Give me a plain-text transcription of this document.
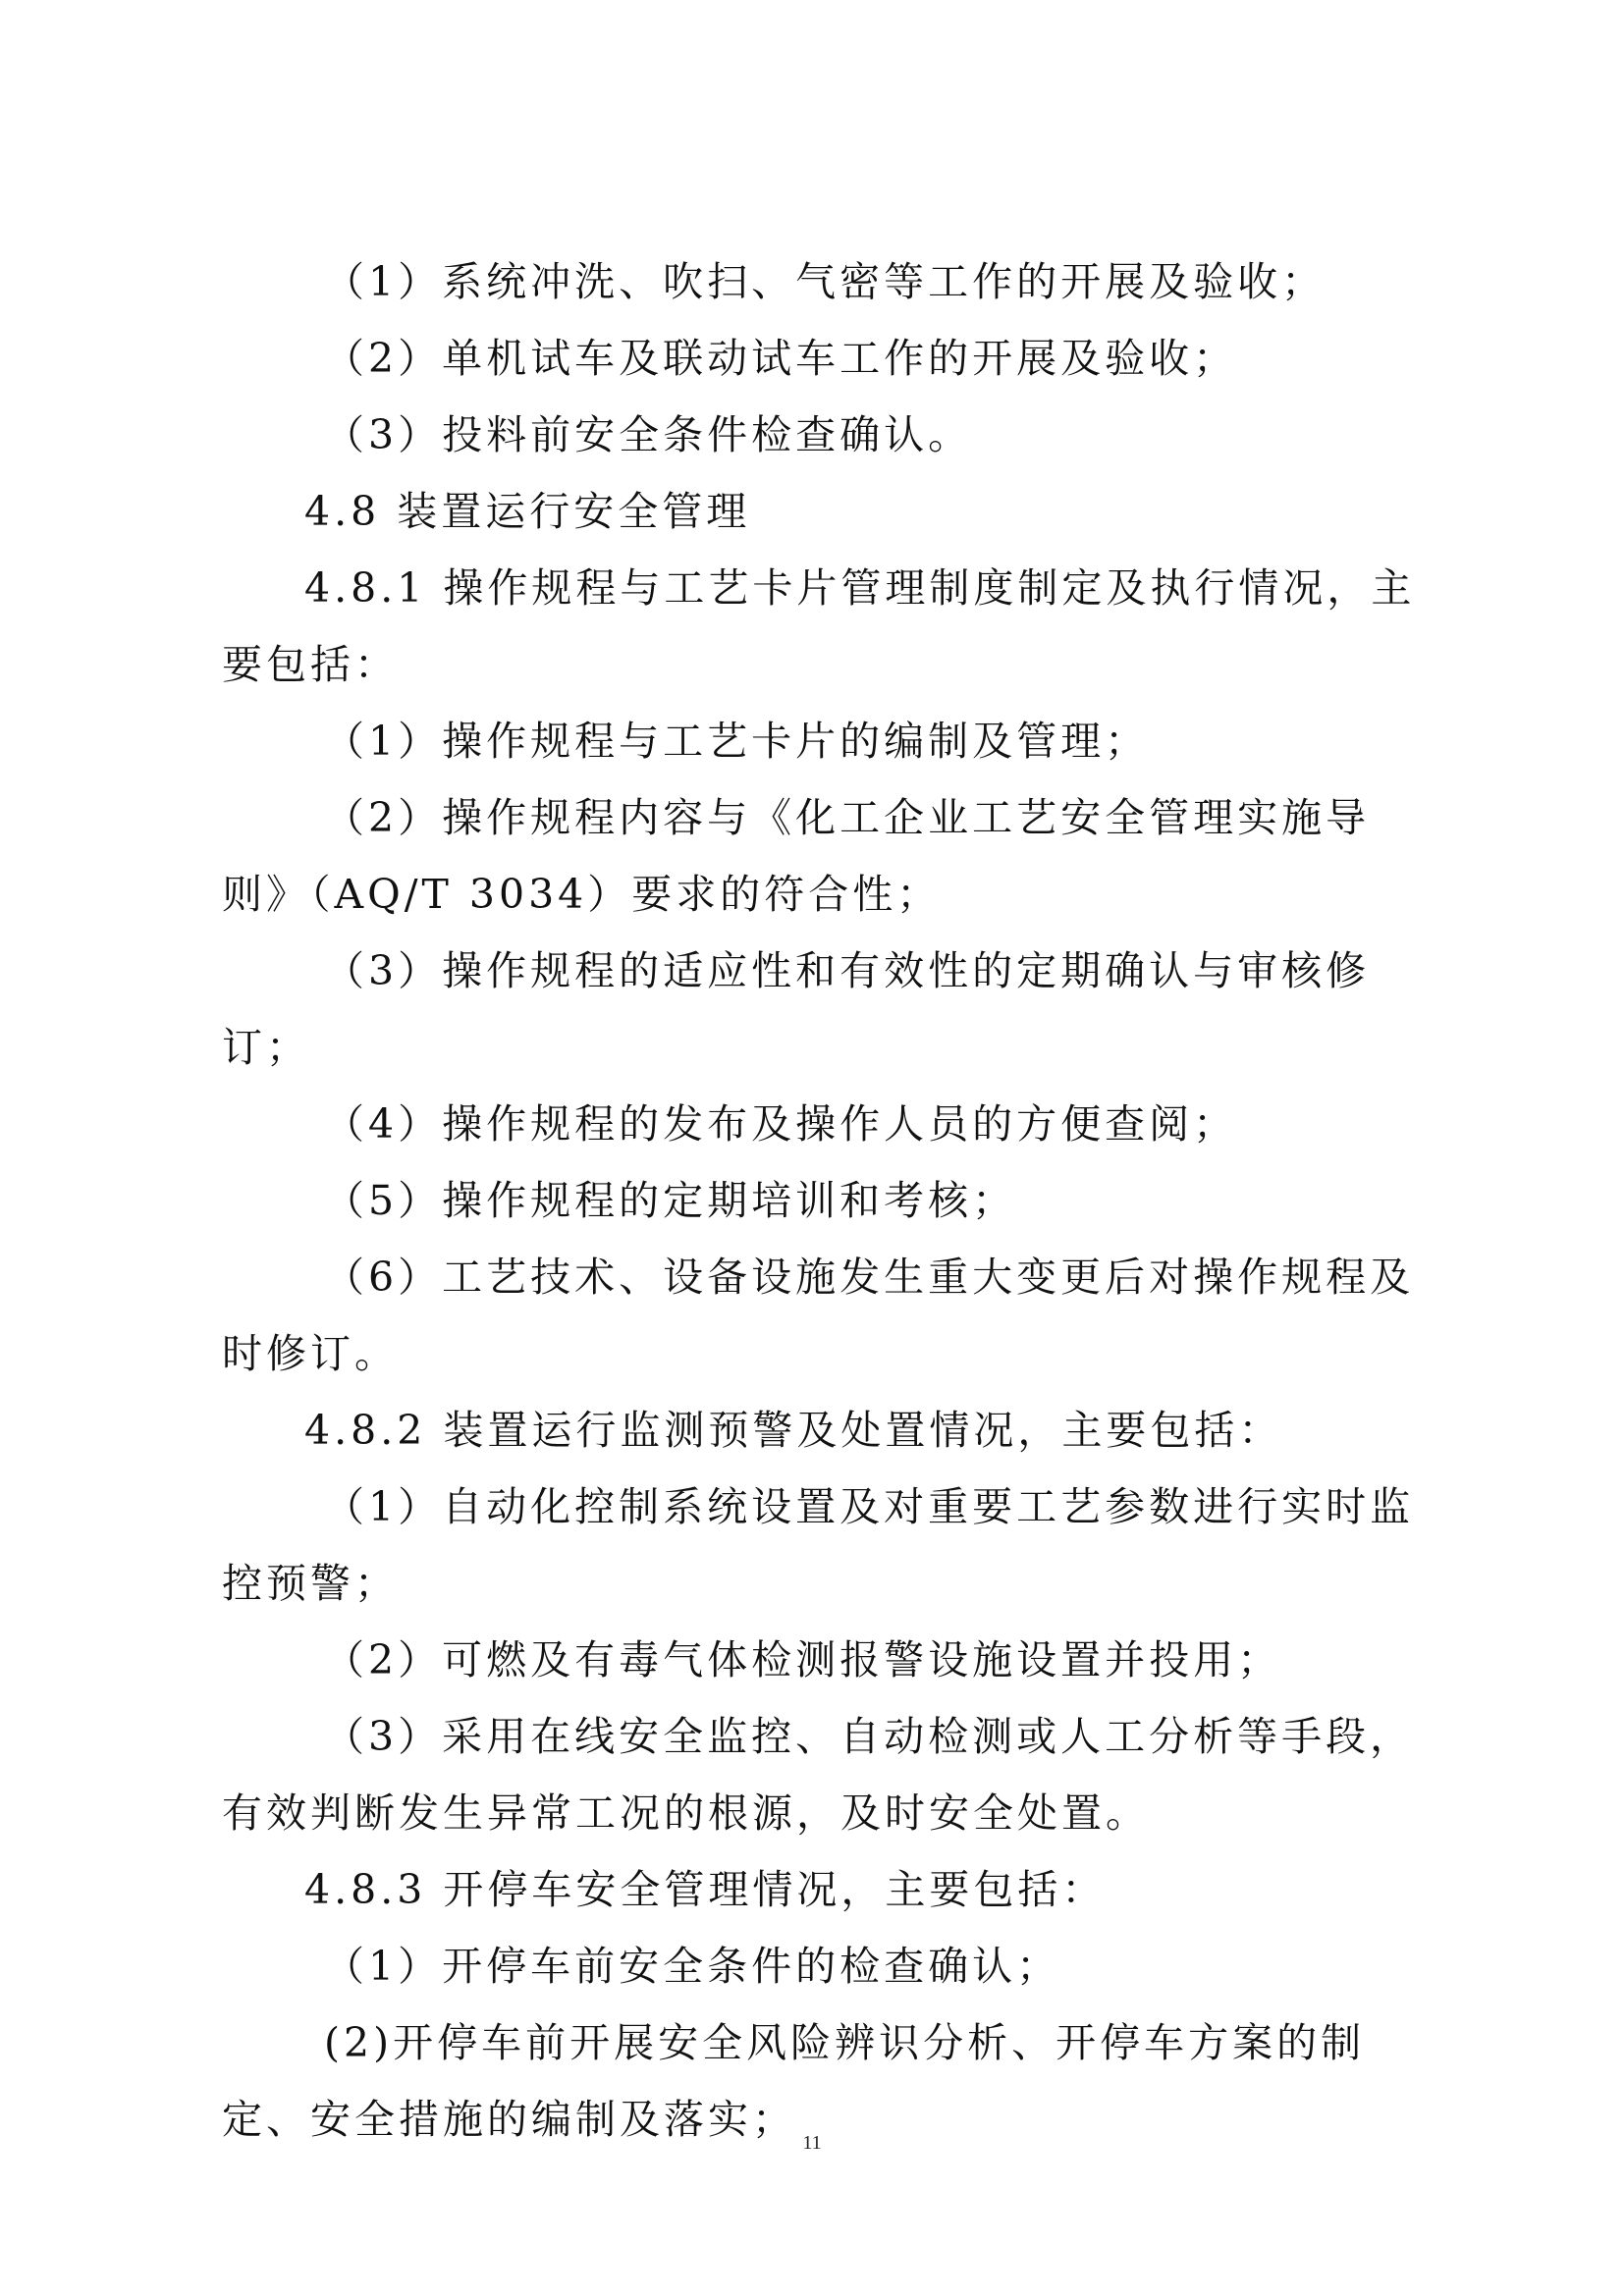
（1）系统冲洗、吹扫、气密等工作的开展及验收；

（2）单机试车及联动试车工作的开展及验收；

（3）投料前安全条件检查确认。

4.8 装置运行安全管理

4.8.1 操作规程与工艺卡片管理制度制定及执行情况，主要包括：

（1）操作规程与工艺卡片的编制及管理；

（2）操作规程内容与《化工企业工艺安全管理实施导则》（AQ/T 3034）要求的符合性；

（3）操作规程的适应性和有效性的定期确认与审核修订；

（4）操作规程的发布及操作人员的方便查阅；

（5）操作规程的定期培训和考核；

（6）工艺技术、设备设施发生重大变更后对操作规程及时修订。

4.8.2 装置运行监测预警及处置情况，主要包括：

（1）自动化控制系统设置及对重要工艺参数进行实时监控预警；

（2）可燃及有毒气体检测报警设施设置并投用；

（3）采用在线安全监控、自动检测或人工分析等手段，有效判断发生异常工况的根源，及时安全处置。

4.8.3 开停车安全管理情况，主要包括：

（1）开停车前安全条件的检查确认；

(2)开停车前开展安全风险辨识分析、开停车方案的制定、安全措施的编制及落实； 11
